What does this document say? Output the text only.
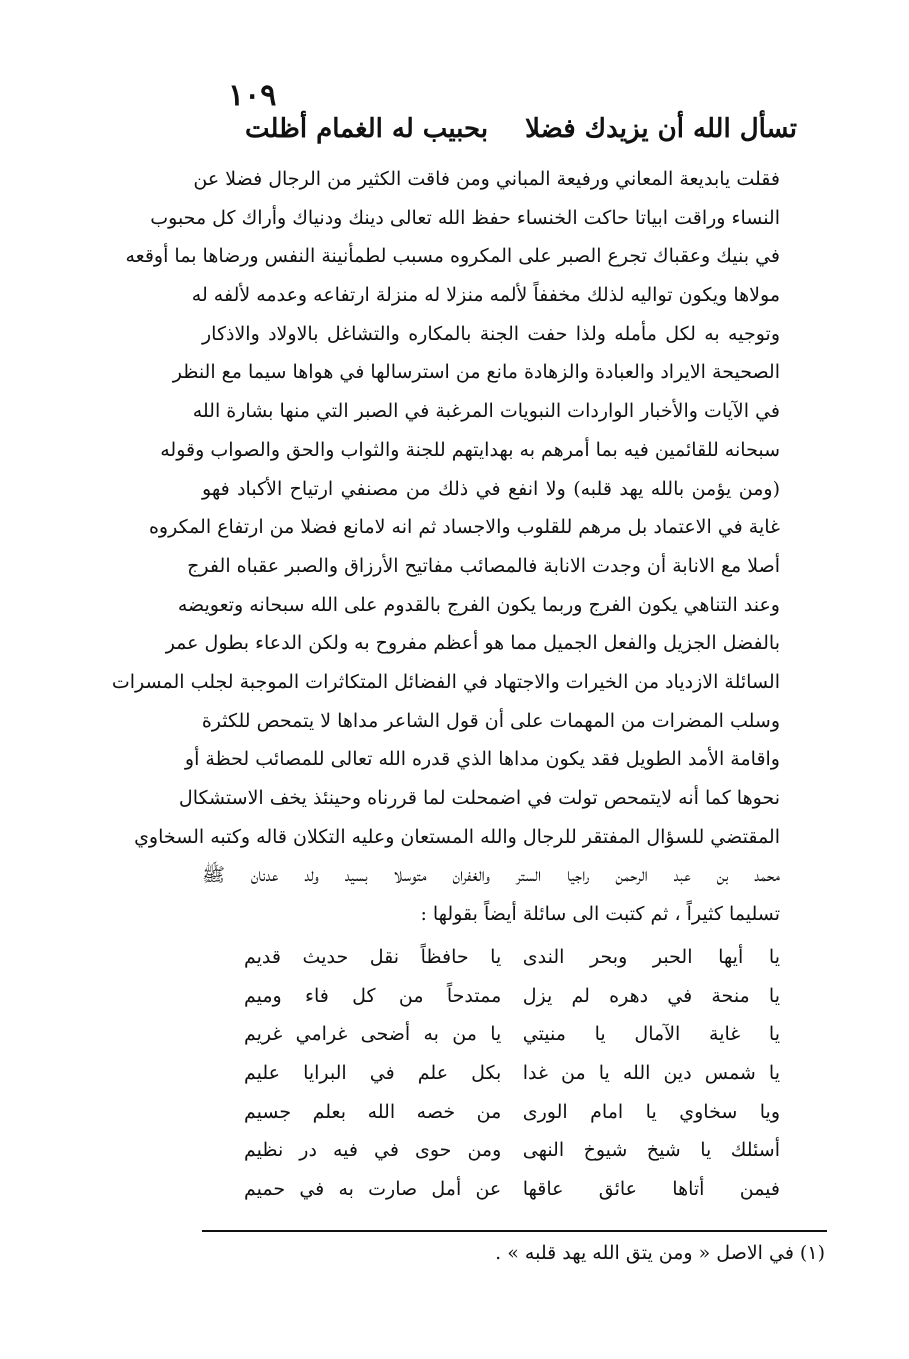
١٠٩
تسأل الله أن يزيدك فضلا
بحبيب له الغمام أظلت
فقلت يابديعة المعاني ورفيعة المباني ومن فاقت الكثير من الرجال فضلا عن
النساء وراقت ابياتا حاكت الخنساء حفظ الله تعالى دينك ودنياك وأراك كل محبوب
في بنيك وعقباك تجرع الصبر على المكروه مسبب لطمأنينة النفس ورضاها بما أوقعه
مولاها ويكون تواليه لذلك مخففاً لألمه منزلا له منزلة ارتفاعه وعدمه لألفه له
وتوجيه به لكل مأمله ولذا حفت الجنة بالمكاره والتشاغل بالاولاد والاذكار
الصحيحة الايراد والعبادة والزهادة مانع من استرسالها في هواها سيما مع النظر
في الآيات والأخبار الواردات النبويات المرغبة في الصبر التي منها بشارة الله
سبحانه للقائمين فيه بما أمرهم به بهدايتهم للجنة والثواب والحق والصواب وقوله
(ومن يؤمن بالله يهد قلبه) ولا انفع في ذلك من مصنفي ارتياح الأكباد فهو
غاية في الاعتماد بل مرهم للقلوب والاجساد ثم انه لامانع فضلا من ارتفاع المكروه
أصلا مع الانابة أن وجدت الانابة فالمصائب مفاتيح الأرزاق والصبر عقباه الفرج
وعند التناهي يكون الفرج وربما يكون الفرج بالقدوم على الله سبحانه وتعويضه
بالفضل الجزيل والفعل الجميل مما هو أعظم مفروح به ولكن الدعاء بطول عمر
السائلة الازدياد من الخيرات والاجتهاد في الفضائل المتكاثرات الموجبة لجلب المسرات
وسلب المضرات من المهمات على أن قول الشاعر مداها لا يتمحص للكثرة
واقامة الأمد الطويل فقد يكون مداها الذي قدره الله تعالى للمصائب لحظة أو
نحوها كما أنه لايتمحص تولت في اضمحلت لما قررناه وحينئذ يخف الاستشكال
المقتضي للسؤال المفتقر للرجال والله المستعان وعليه التكلان قاله وكتبه السخاوي
محمد بن عبد الرحمن راجيا الستر والغفران متوسلا بسيد ولد عدنان ﷺ
تسليما كثيراً ، ثم كتبت الى سائلة أيضاً بقولها :
يا أيها الحبر وبحر الندى
يا حافظاً نقل حديث قديم
يا منحة في دهره لم يزل
ممتدحاً من كل فاء وميم
يا غاية الآمال يا منيتي
يا من به أضحى غرامي غريم
يا شمس دين الله يا من غدا
بكل علم في البرايا عليم
ويا سخاوي يا امام الورى
من خصه الله بعلم جسيم
أسئلك يا شيخ شيوخ النهى
ومن حوى في فيه در نظيم
فيمن أتاها عائق عاقها
عن أمل صارت به في حميم
(١) في الاصل « ومن يتق الله يهد قلبه » .
